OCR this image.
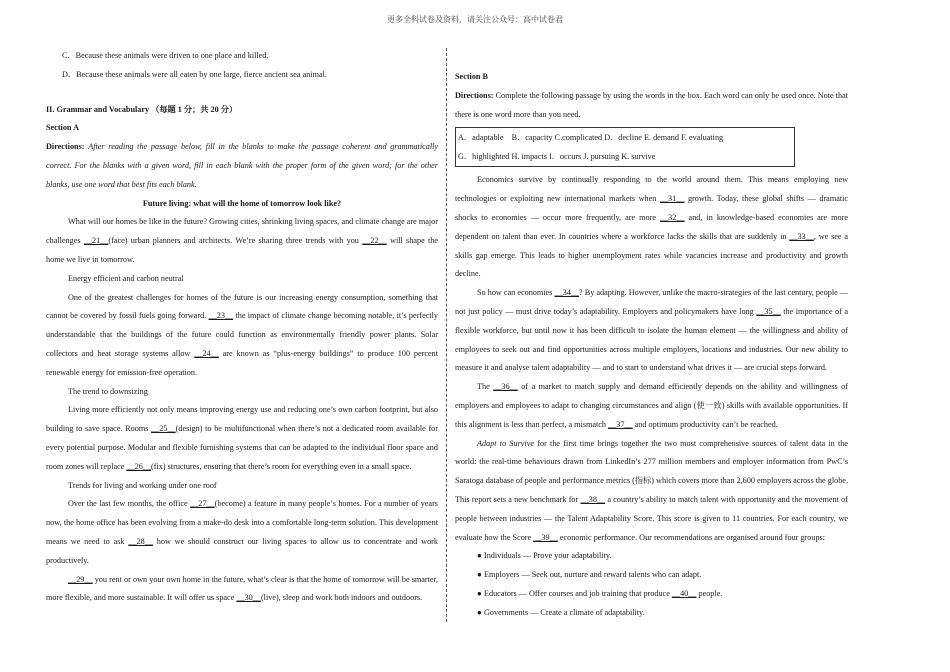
更多全科试卷及资料，请关注公众号：高中试卷君

C．Because these animals were driven to one place and killed.

D．Because these animals were all eaten by one large, fierce ancient sea animal.

II. Grammar and Vocabulary （每题 1 分；共 20 分）

Section A

Directions: After reading the passage below, fill in the blanks to make the passage coherent and grammatically correct. For the blanks with a given word, fill in each blank with the proper form of the given word; for the other blanks, use one word that best fits each blank.

Future living: what will the home of tomorrow look like?

What will our homes be like in the future? Growing cities, shrinking living spaces, and climate change are major challenges __21__(face) urban planners and architects. We’re sharing three trends with you __22__ will shape the home we live in tomorrow.

Energy efficient and carbon neutral

One of the greatest challenges for homes of the future is our increasing energy consumption, something that cannot be covered by fossil fuels going forward. __23__ the impact of climate change becoming notable, it’s perfectly understandable that the buildings of the future could function as environmentally friendly power plants. Solar collectors and heat storage systems allow __24__ are known as “plus-energy buildings” to produce 100 percent renewable energy for emission-free operation.

The trend to downsizing

Living more efficiently not only means improving energy use and reducing one’s own carbon footprint, but also building to save space. Rooms __25__(design) to be multifunctional when there’s not a dedicated room available for every potential purpose. Modular and flexible furnishing systems that can be adapted to the individual floor space and room zones will replace __26__(fix) structures, ensuring that there’s room for everything even in a small space.

Trends for living and working under one roof

Over the last few months, the office __27__(become) a feature in many people’s homes. For a number of years now, the home office has been evolving from a make-do desk into a comfortable long-term solution. This development means we need to ask __28__ how we should construct our living spaces to allow us to concentrate and work productively.

__29__ you rent or own your own home in the future, what’s clear is that the home of tomorrow will be smarter, more flexible, and more sustainable. It will offer us space __30__(live), sleep and work both indoors and outdoors.

Section B

Directions: Complete the following passage by using the words in the box. Each word can only be used once. Note that there is one word more than you need.

A．adaptable　B．capacity C.complicated D．decline E. demand F. evaluating

G．highlighted H. impacts I．occurs J. pursuing K. survive

Economics survive by continually responding to the world around them. This means employing new technologies or exploiting new international markets when __31__ growth. Today, these global shifts — dramatic shocks to economies — occur more frequently, are more __32__ and, in knowledge-based economies are more dependent on talent than ever. In countries where a workforce lacks the skills that are suddenly in __33__, we see a skills gap emerge. This leads to higher unemployment rates while vacancies increase and productivity and growth decline.

So how can economies __34__? By adapting. However, unlike the macro-strategies of the last century, people — not just policy — must drive today’s adaptability. Employers and policymakers have long __35__ the importance of a flexible workforce, but until now it has been difficult to isolate the human element — the willingness and ability of employees to seek out and find opportunities across multiple employers, locations and industries. Our new ability to measure it and analyse talent adaptability — and to start to understand what drives it — are crucial steps forward.

The __36__ of a market to match supply and demand efficiently depends on the ability and willingness of employers and employees to adapt to changing circumstances and align (使一致) skills with available opportunities. If this alignment is less than perfect, a mismatch __37__ and optimum productivity can’t be reached.

Adapt to Survive for the first time brings together the two most comprehensive sources of talent data in the world: the real-time behaviours drawn from LinkedIn’s 277 million members and employer information from PwC’s Saratoga database of people and performance metrics (指标) which covers more than 2,600 employers across the globe. This report sets a new benchmark for __38__ a country’s ability to match talent with opportunity and the movement of people between industries — the Talent Adaptability Score. This score is given to 11 countries. For each country, we evaluate how the Score __39__ economic performance. Our recommendations are organised around four groups:

● Individuals — Prove your adaptability.

● Employers — Seek out, nurture and reward talents who can adapt.

● Educators — Offer courses and job training that produce __40__ people.

● Governments — Create a climate of adaptability.
